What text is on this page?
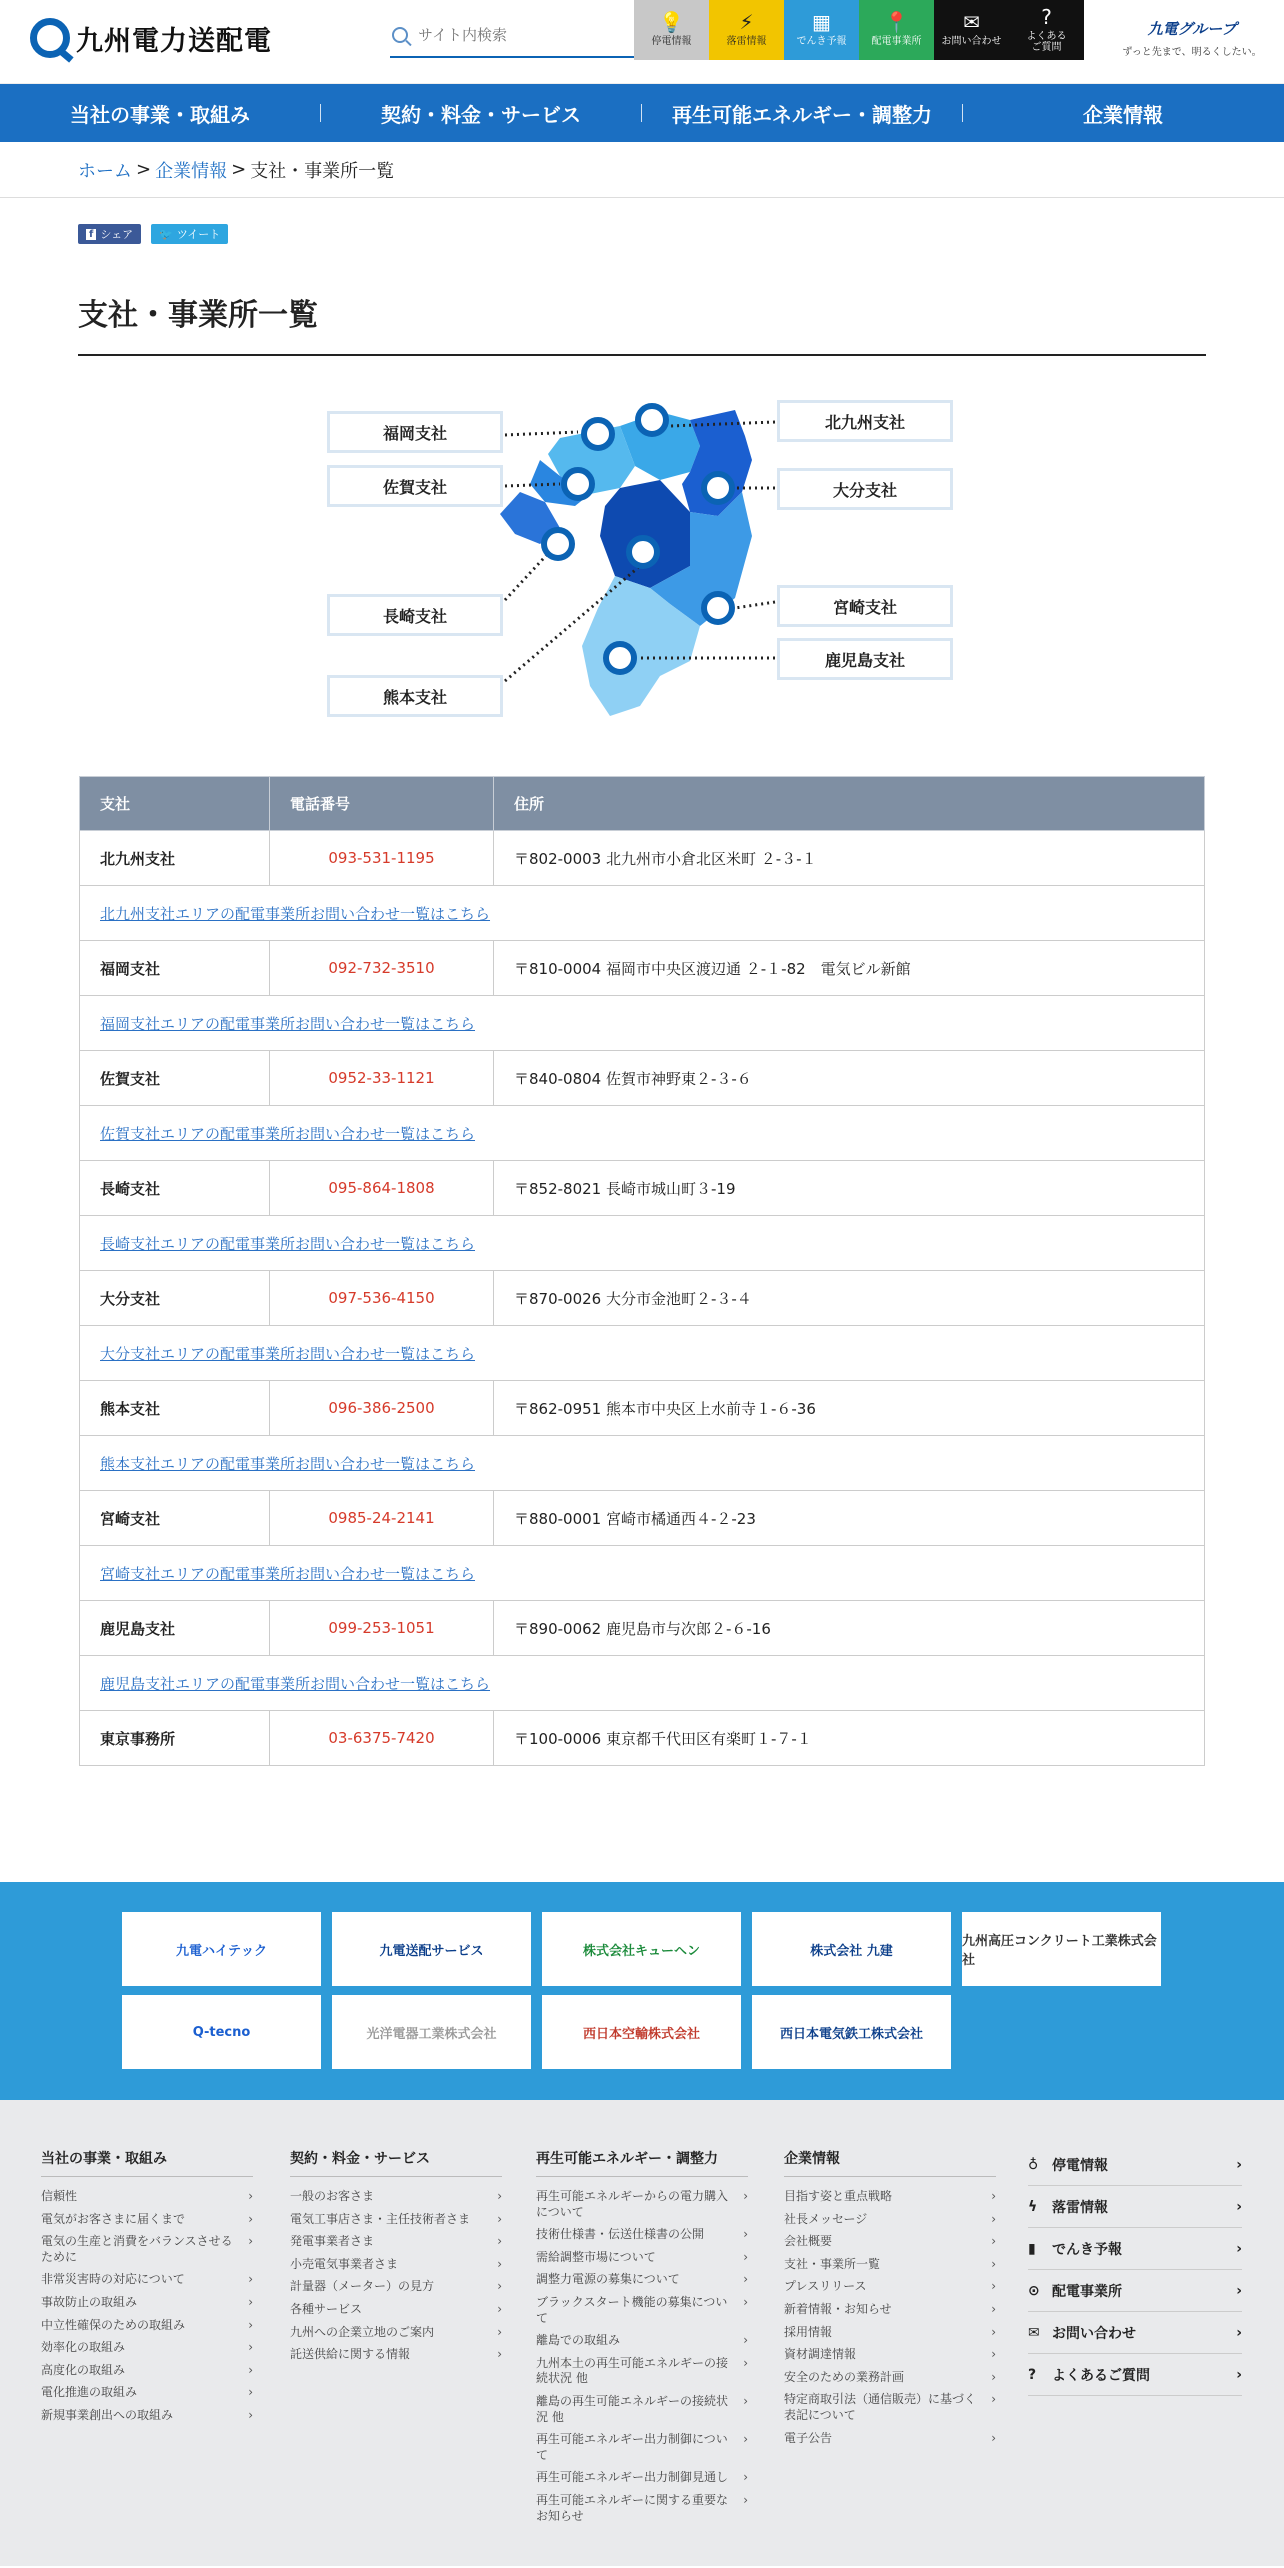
九州電力送配電
サイト内検索
💡
停電情報
⚡
落雷情報
▦
でんき予報
📍
配電事業所
✉
お問い合わせ
?
よくある
ご質問
九電グループ
ずっと先まで、明るくしたい。
当社の事業・取組み	契約・料金・サービス	再生可能エネルギー・調整力	企業情報
ホーム > 企業情報 > 支社・事業所一覧
f シェア 🐦 ツイート
支社・事業所一覧
福岡支社
佐賀支社
長崎支社
熊本支社
北九州支社
大分支社
宮崎支社
鹿児島支社
支社	電話番号	住所
北九州支社	093-531-1195	〒802-0003 北九州市小倉北区米町 ２-３-１
北九州支社エリアの配電事業所お問い合わせ一覧はこちら		
福岡支社	092-732-3510	〒810-0004 福岡市中央区渡辺通 ２-１-82　電気ビル新館
福岡支社エリアの配電事業所お問い合わせ一覧はこちら		
佐賀支社	0952-33-1121	〒840-0804 佐賀市神野東２-３-６
佐賀支社エリアの配電事業所お問い合わせ一覧はこちら		
長崎支社	095-864-1808	〒852-8021 長崎市城山町３-19
長崎支社エリアの配電事業所お問い合わせ一覧はこちら		
大分支社	097-536-4150	〒870-0026 大分市金池町２-３-４
大分支社エリアの配電事業所お問い合わせ一覧はこちら		
熊本支社	096-386-2500	〒862-0951 熊本市中央区上水前寺１-６-36
熊本支社エリアの配電事業所お問い合わせ一覧はこちら		
宮崎支社	0985-24-2141	〒880-0001 宮崎市橘通西４-２-23
宮崎支社エリアの配電事業所お問い合わせ一覧はこちら		
鹿児島支社	099-253-1051	〒890-0062 鹿児島市与次郎２-６-16
鹿児島支社エリアの配電事業所お問い合わせ一覧はこちら		
東京事務所	03-6375-7420	〒100-0006 東京都千代田区有楽町１-７-１
九電ハイテック	九電送配サービス	株式会社キューヘン	株式会社 九建
九州高圧コンクリート工業株式会社
Q-tecno	光洋電器工業株式会社	西日本空輸株式会社	西日本電気鉄工株式会社
当社の事業・取組み
信頼性	›
電気がお客さまに届くまで	›
電気の生産と消費をバランスさせるために
›
非常災害時の対応について	›
事故防止の取組み	›
中立性確保のための取組み	›
効率化の取組み	›
高度化の取組み	›
電化推進の取組み	›
新規事業創出への取組み	›
契約・料金・サービス
一般のお客さま	›
電気工事店さま・主任技術者さま ›
発電事業者さま	›
小売電気事業者さま	›
計量器（メーター）の見方	›
各種サービス	›
九州への企業立地のご案内	›
託送供給に関する情報	›
再生可能エネルギー・調整力
再生可能エネルギーからの電力購入について
›
技術仕様書・伝送仕様書の公開	›
需給調整市場について	›
調整力電源の募集について	›
ブラックスタート機能の募集について
›
離島での取組み	›
九州本土の再生可能エネルギーの接続状況 他
›
離島の再生可能エネルギーの接続状況 他
›
再生可能エネルギー出力制御について
›
再生可能エネルギー出力制御見通し ›
再生可能エネルギーに関する重要なお知らせ
›
企業情報
目指す姿と重点戦略	›
社長メッセージ	›
会社概要	›
支社・事業所一覧	›
プレスリリース	›
新着情報・お知らせ	›
採用情報	›
資材調達情報	›
安全のための業務計画	›
特定商取引法（通信販売）に基づく表記について
›
電子公告	›
♁ 停電情報	›
ϟ	落雷情報	›
▮	でんき予報	›
⊙ 配電事業所	›
✉ お問い合わせ	›
?	よくあるご質問	›
